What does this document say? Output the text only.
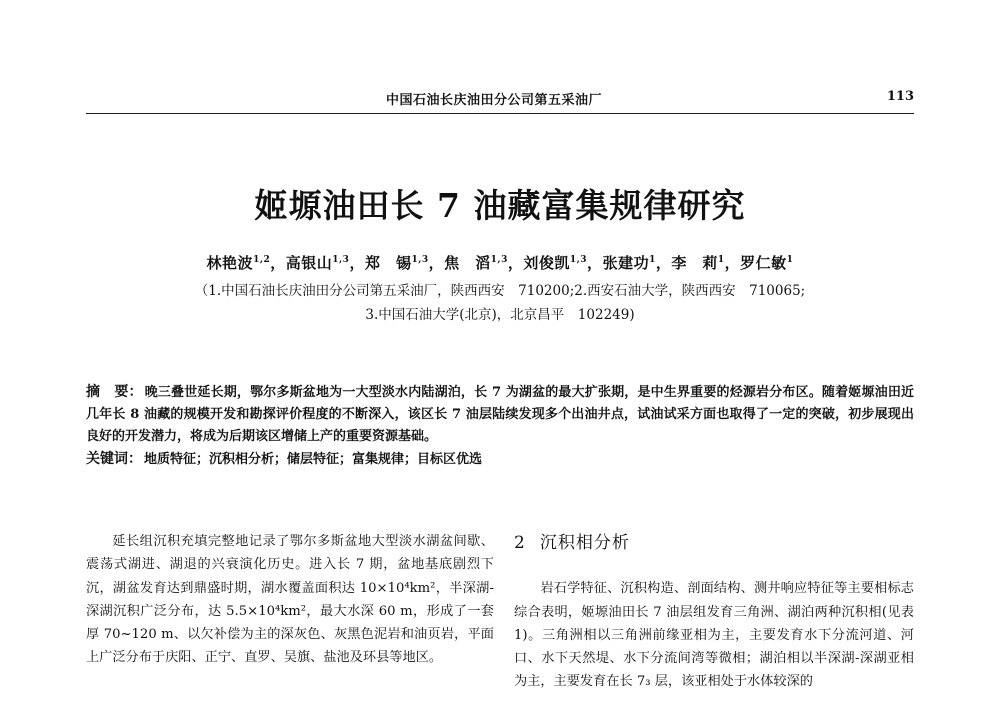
中国石油长庆油田分公司第五采油厂	113
姬塬油田长 7 油藏富集规律研究
林艳波$^{1,2}$，高银山$^{1,3}$，郑　锡$^{1,3}$，焦　滔$^{1,3}$，刘俊凯$^{1,3}$，张建功$^1$，李　莉$^1$，罗仁敏$^1$
（1.中国石油长庆油田分公司第五采油厂，陕西西安　710200;2.西安石油大学，陕西西安　710065;
3.中国石油大学(北京)，北京昌平　102249)

摘　要： 晚三叠世延长期，鄂尔多斯盆地为一大型淡水内陆湖泊，长 7 为湖盆的最大扩张期，是中生界重要的烃源岩分布区。随着姬塬油田近几年长 8 油藏的规模开发和勘探评价程度的不断深入，该区长 7 油层陆续发现多个出油井点，试油试采方面也取得了一定的突破，初步展现出良好的开发潜力，将成为后期该区增储上产的重要资源基础。

关键词： 地质特征；沉积相分析；储层特征；富集规律；目标区优选

延长组沉积充填完整地记录了鄂尔多斯盆地大型淡水湖盆间歇、震荡式湖进、湖退的兴衰演化历史。进入长 7 期，盆地基底剧烈下沉，湖盆发育达到鼎盛时期，湖水覆盖面积达 10×10⁴km²，半深湖-深湖沉积广泛分布，达 5.5×10⁴km²，最大水深 60 m，形成了一套厚 70~120 m、以欠补偿为主的深灰色、灰黑色泥岩和油页岩，平面上广泛分布于庆阳、正宁、直罗、吴旗、盐池及环县等地区。

2 沉积相分析

岩石学特征、沉积构造、剖面结构、测井响应特征等主要相标志综合表明，姬塬油田长 7 油层组发育三角洲、湖泊两种沉积相(见表 1)。三角洲相以三角洲前缘亚相为主，主要发育水下分流河道、河口、水下天然堤、水下分流间湾等微相；湖泊相以半深湖-深湖亚相为主，主要发育在长 7₃ 层，该亚相处于水体较深的
